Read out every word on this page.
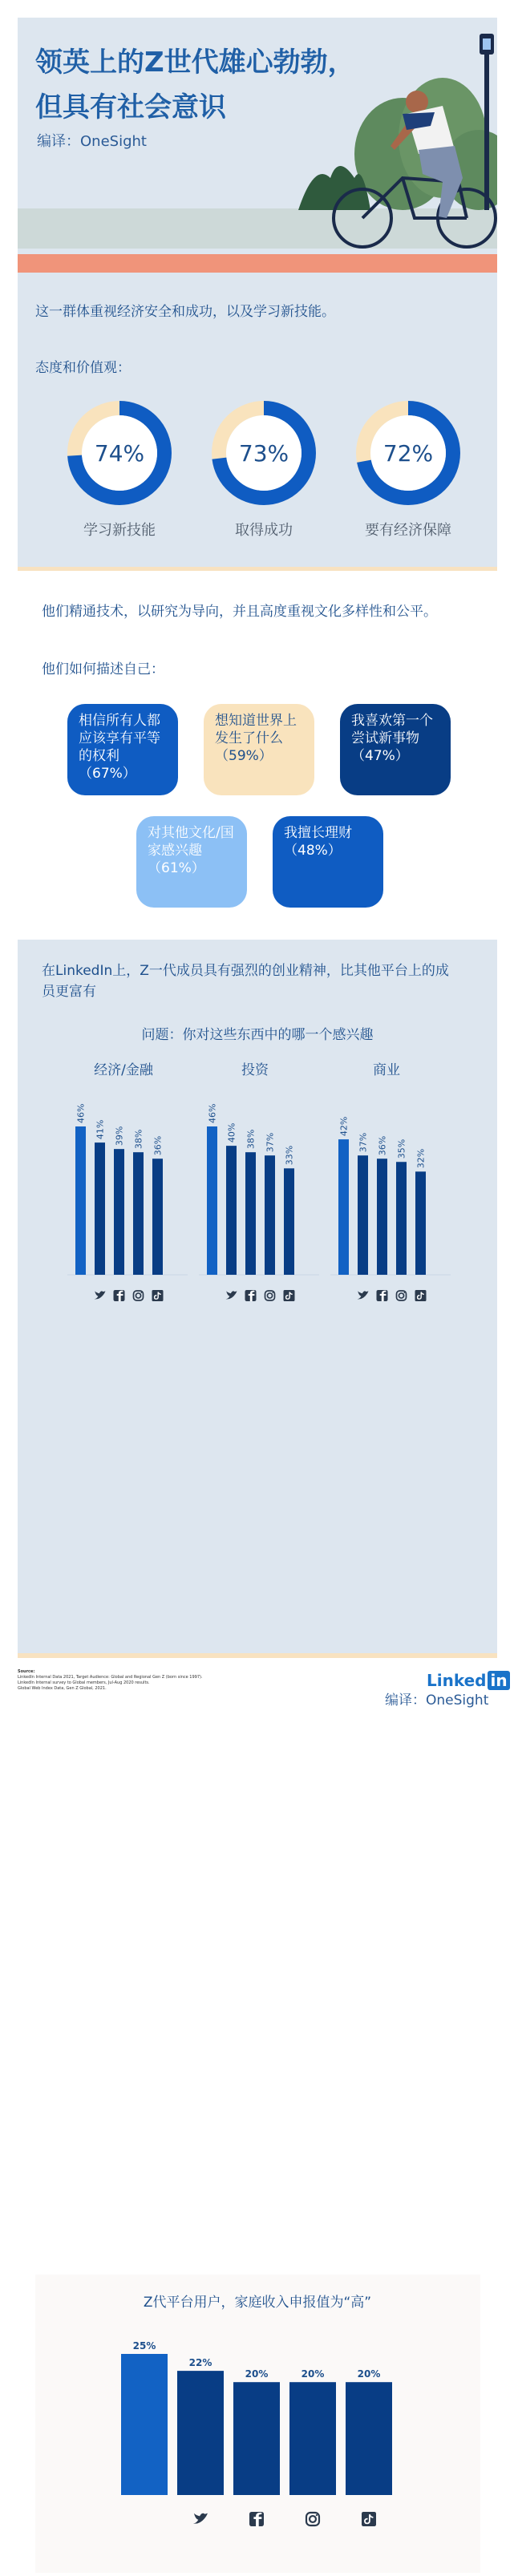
领英上的Z世代雄心勃勃，
但具有社会意识
编译：OneSight
这一群体重视经济安全和成功，以及学习新技能。
态度和价值观：
74%
学习新技能
73%
取得成功
72%
要有经济保障
他们精通技术，以研究为导向，并且高度重视文化多样性和公平。
他们如何描述自己：
相信所有人都应该享有平等的权利（67%）
想知道世界上发生了什么（59%）
我喜欢第一个尝试新事物（47%）
对其他文化/国家感兴趣（61%）
我擅长理财（48%）
在LinkedIn上，Z一代成员具有强烈的创业精神，比其他平台上的成员更富有
问题：你对这些东西中的哪一个感兴趣
经济/金融
46%
41% 39% 38% 36%
投资
46%
40% 38% 37%
33%
商业
42%
37% 36% 35% 32%
Z代平台用户，家庭收入申报值为“高”
25%
22%
20%	20%	20%
Source:
LinkedIn Internal Data 2021, Target Audience: Global and Regional Gen Z (born since 1997).
LinkedIn Internal survey to Global members, Jul-Aug 2020 results.
Global Web Index Data, Gen Z Global, 2021.	Linked in
编译：OneSight
